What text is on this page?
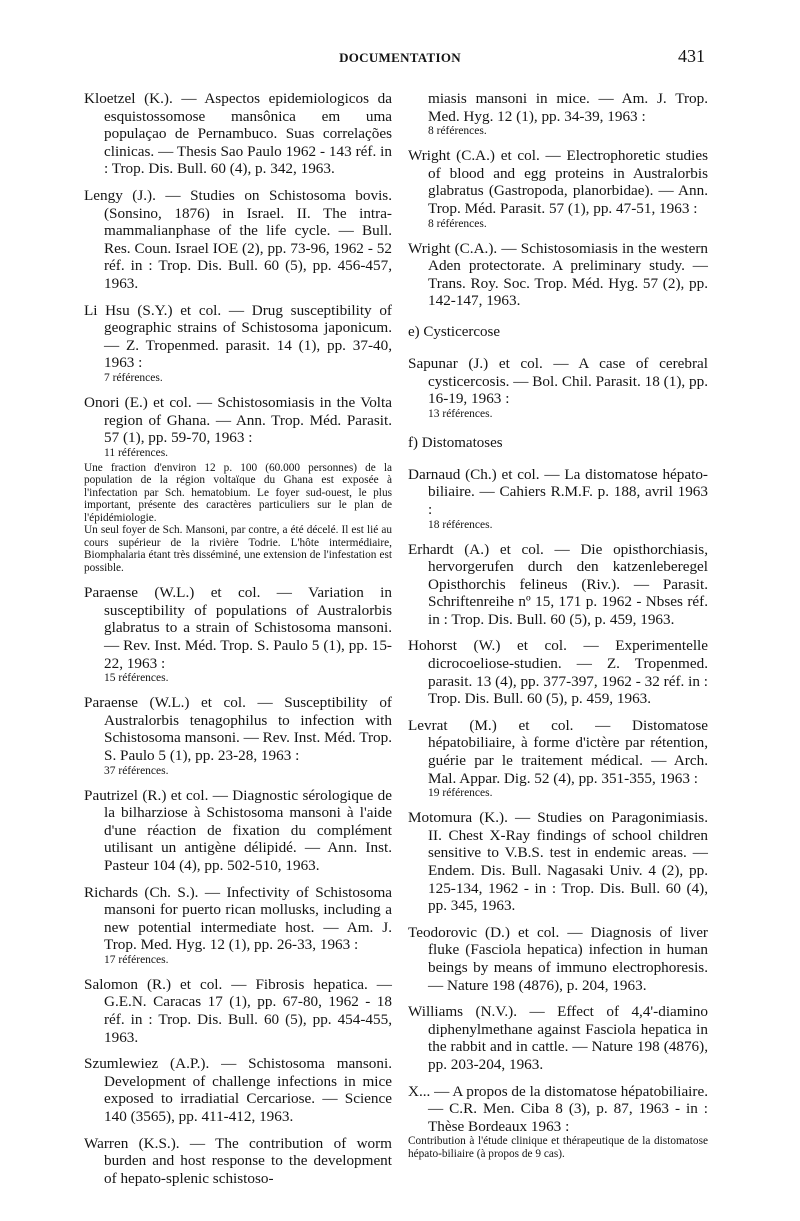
DOCUMENTATION	431
Kloetzel (K.). — Aspectos epidemiologicos da esquistossomose mansônica em uma populaçao de Pernambuco. Suas correlações clinicas. — Thesis Sao Paulo 1962 - 143 réf. in : Trop. Dis. Bull. 60 (4), p. 342, 1963.
Lengy (J.). — Studies on Schistosoma bovis. (Sonsino, 1876) in Israel. II. The intra-mammalianphase of the life cycle. — Bull. Res. Coun. Israel IOE (2), pp. 73-96, 1962 - 52 réf. in : Trop. Dis. Bull. 60 (5), pp. 456-457, 1963.
Li Hsu (S.Y.) et col. — Drug susceptibility of geographic strains of Schistosoma japonicum. — Z. Tropenmed. parasit. 14 (1), pp. 37-40, 1963 :
7 références.
Onori (E.) et col. — Schistosomiasis in the Volta region of Ghana. — Ann. Trop. Méd. Parasit. 57 (1), pp. 59-70, 1963 :
11 références.
Une fraction d'environ 12 p. 100 (60.000 personnes) de la population de la région voltaïque du Ghana est exposée à l'infectation par Sch. hematobium. Le foyer sud-ouest, le plus important, présente des caractères particuliers sur le plan de l'épidémiologie.
Un seul foyer de Sch. Mansoni, par contre, a été décelé. Il est lié au cours supérieur de la rivière Todrie. L'hôte intermédiaire, Biomphalaria étant très disséminé, une extension de l'infestation est possible.
Paraense (W.L.) et col. — Variation in susceptibility of populations of Australorbis glabratus to a strain of Schistosoma mansoni. — Rev. Inst. Méd. Trop. S. Paulo 5 (1), pp. 15-22, 1963 :
15 références.
Paraense (W.L.) et col. — Susceptibility of Australorbis tenagophilus to infection with Schistosoma mansoni. — Rev. Inst. Méd. Trop. S. Paulo 5 (1), pp. 23-28, 1963 :
37 références.
Pautrizel (R.) et col. — Diagnostic sérologique de la bilharziose à Schistosoma mansoni à l'aide d'une réaction de fixation du complément utilisant un antigène délipidé. — Ann. Inst. Pasteur 104 (4), pp. 502-510, 1963.
Richards (Ch. S.). — Infectivity of Schistosoma mansoni for puerto rican mollusks, including a new potential intermediate host. — Am. J. Trop. Med. Hyg. 12 (1), pp. 26-33, 1963 :
17 références.
Salomon (R.) et col. — Fibrosis hepatica. — G.E.N. Caracas 17 (1), pp. 67-80, 1962 - 18 réf. in : Trop. Dis. Bull. 60 (5), pp. 454-455, 1963.
Szumlewiez (A.P.). — Schistosoma mansoni. Development of challenge infections in mice exposed to irradiatial Cercariose. — Science 140 (3565), pp. 411-412, 1963.
Warren (K.S.). — The contribution of worm burden and host response to the development of hepato-splenic schistoso-
miasis mansoni in mice. — Am. J. Trop. Med. Hyg. 12 (1), pp. 34-39, 1963 :
8 références.
Wright (C.A.) et col. — Electrophoretic studies of blood and egg proteins in Australorbis glabratus (Gastropoda, planorbidae). — Ann. Trop. Méd. Parasit. 57 (1), pp. 47-51, 1963 :
8 références.
Wright (C.A.). — Schistosomiasis in the western Aden protectorate. A preliminary study. — Trans. Roy. Soc. Trop. Méd. Hyg. 57 (2), pp. 142-147, 1963.
e) Cysticercose
Sapunar (J.) et col. — A case of cerebral cysticercosis. — Bol. Chil. Parasit. 18 (1), pp. 16-19, 1963 :
13 références.
f) Distomatoses
Darnaud (Ch.) et col. — La distomatose hépato-biliaire. — Cahiers R.M.F. p. 188, avril 1963 :
18 références.
Erhardt (A.) et col. — Die opisthorchiasis, hervorgerufen durch den katzenleberegel Opisthorchis felineus (Riv.). — Parasit. Schriftenreihe nº 15, 171 p. 1962 - Nbses réf. in : Trop. Dis. Bull. 60 (5), p. 459, 1963.
Hohorst (W.) et col. — Experimentelle dicrocoeliose-studien. — Z. Tropenmed. parasit. 13 (4), pp. 377-397, 1962 - 32 réf. in : Trop. Dis. Bull. 60 (5), p. 459, 1963.
Levrat (M.) et col. — Distomatose hépatobiliaire, à forme d'ictère par rétention, guérie par le traitement médical. — Arch. Mal. Appar. Dig. 52 (4), pp. 351-355, 1963 :
19 références.
Motomura (K.). — Studies on Paragonimiasis. II. Chest X-Ray findings of school children sensitive to V.B.S. test in endemic areas. — Endem. Dis. Bull. Nagasaki Univ. 4 (2), pp. 125-134, 1962 - in : Trop. Dis. Bull. 60 (4), pp. 345, 1963.
Teodorovic (D.) et col. — Diagnosis of liver fluke (Fasciola hepatica) infection in human beings by means of immuno electrophoresis. — Nature 198 (4876), p. 204, 1963.
Williams (N.V.). — Effect of 4,4'-diamino diphenylmethane against Fasciola hepatica in the rabbit and in cattle. — Nature 198 (4876), pp. 203-204, 1963.
X... — A propos de la distomatose hépatobiliaire. — C.R. Men. Ciba 8 (3), p. 87, 1963 - in : Thèse Bordeaux 1963 :
Contribution à l'étude clinique et thérapeutique de la distomatose hépato-biliaire (à propos de 9 cas).
